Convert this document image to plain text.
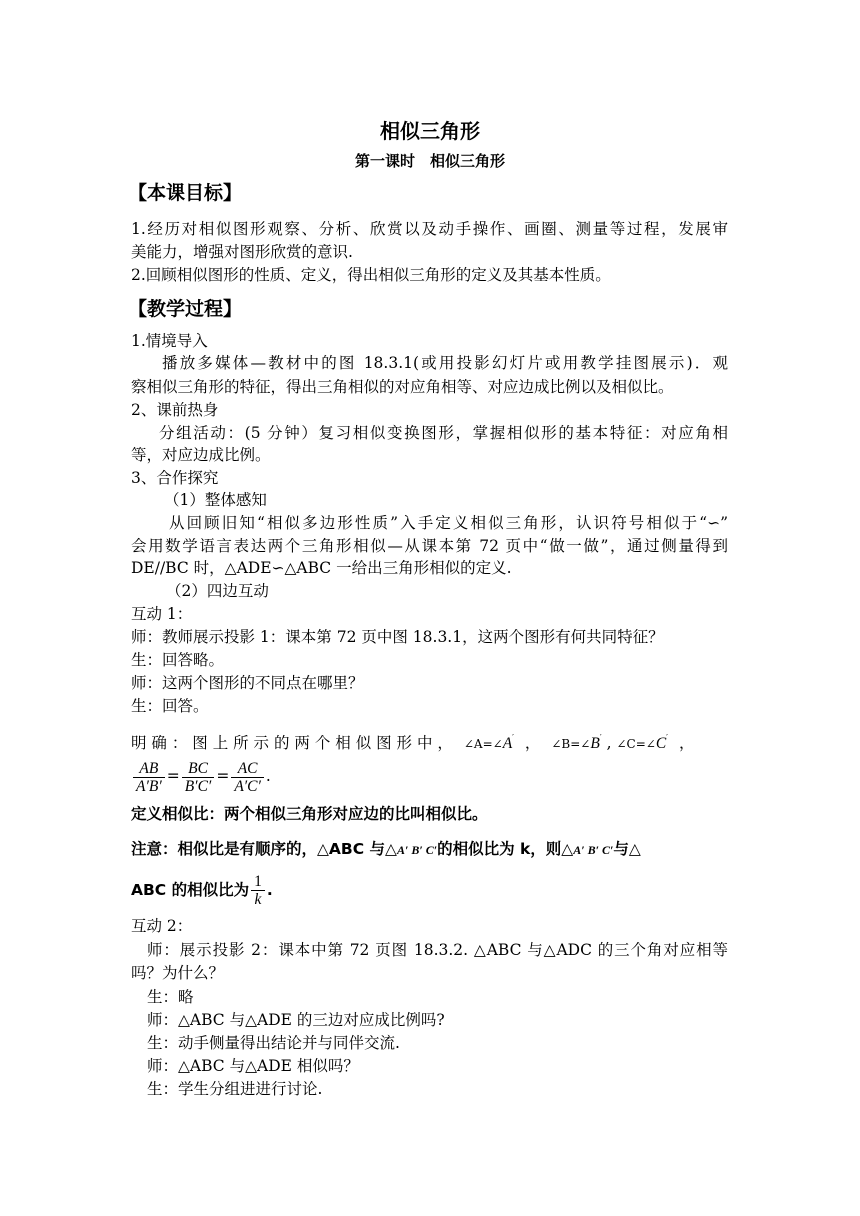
相似三角形
第一课时　相似三角形
【本课目标】
1.经历对相似图形观察、分析、欣赏以及动手操作、画圈、测量等过程，发展审
美能力，增强对图形欣赏的意识.
2.回顾相似图形的性质、定义，得出相似三角形的定义及其基本性质。
【教学过程】
1.情境导入
播放多媒体—教材中的图 18.3.1(或用投影幻灯片或用教学挂图展示)．观
察相似三角形的特征，得出三角相似的对应角相等、对应边成比例以及相似比。
2、课前热身
分组活动：(5 分钟）复习相似变换图形，掌握相似形的基本特征：对应角相
等，对应边成比例。
3、合作探究
（1）整体感知
从回顾旧知“相似多边形性质”入手定义相似三角形，认识符号相似于“∽”
会用数学语言表达两个三角形相似—从课本第 72 页中“做一做”，通过侧量得到
DE//BC 时，△ADE∽△ABC 一给出三角形相似的定义.
（2）四边互动
互动 1：
师：教师展示投影 1：课本第 72 页中图 18.3.1，这两个图形有何共同特征？
生：回答略。
师：这两个图形的不同点在哪里？
生：回答。
明 确 ： 图 上 所 示 的 两 个 相 似 图 形 中 ， ∠A=∠A′ ， ∠B=∠B′ , ∠C=∠C′ ，
$\frac{AB}{A'B'} = \frac{BC}{B'C'} = \frac{AC}{A'C'}$ .
定义相似比：两个相似三角形对应边的比叫相似比。
注意：相似比是有顺序的，△ABC 与△A′ B′ C′的相似比为 k，则△A′ B′ C′与△
ABC 的相似比为 $\frac{1}{k}$ .
互动 2：
师：展示投影 2：课本中第 72 页图 18.3.2. △ABC 与△ADC 的三个角对应相等
吗？为什么？
生：略
师：△ABC 与△ADE 的三边对应成比例吗?
生：动手侧量得出结论并与同伴交流.
师：△ABC 与△ADE 相似吗？
生：学生分组进进行讨论.
